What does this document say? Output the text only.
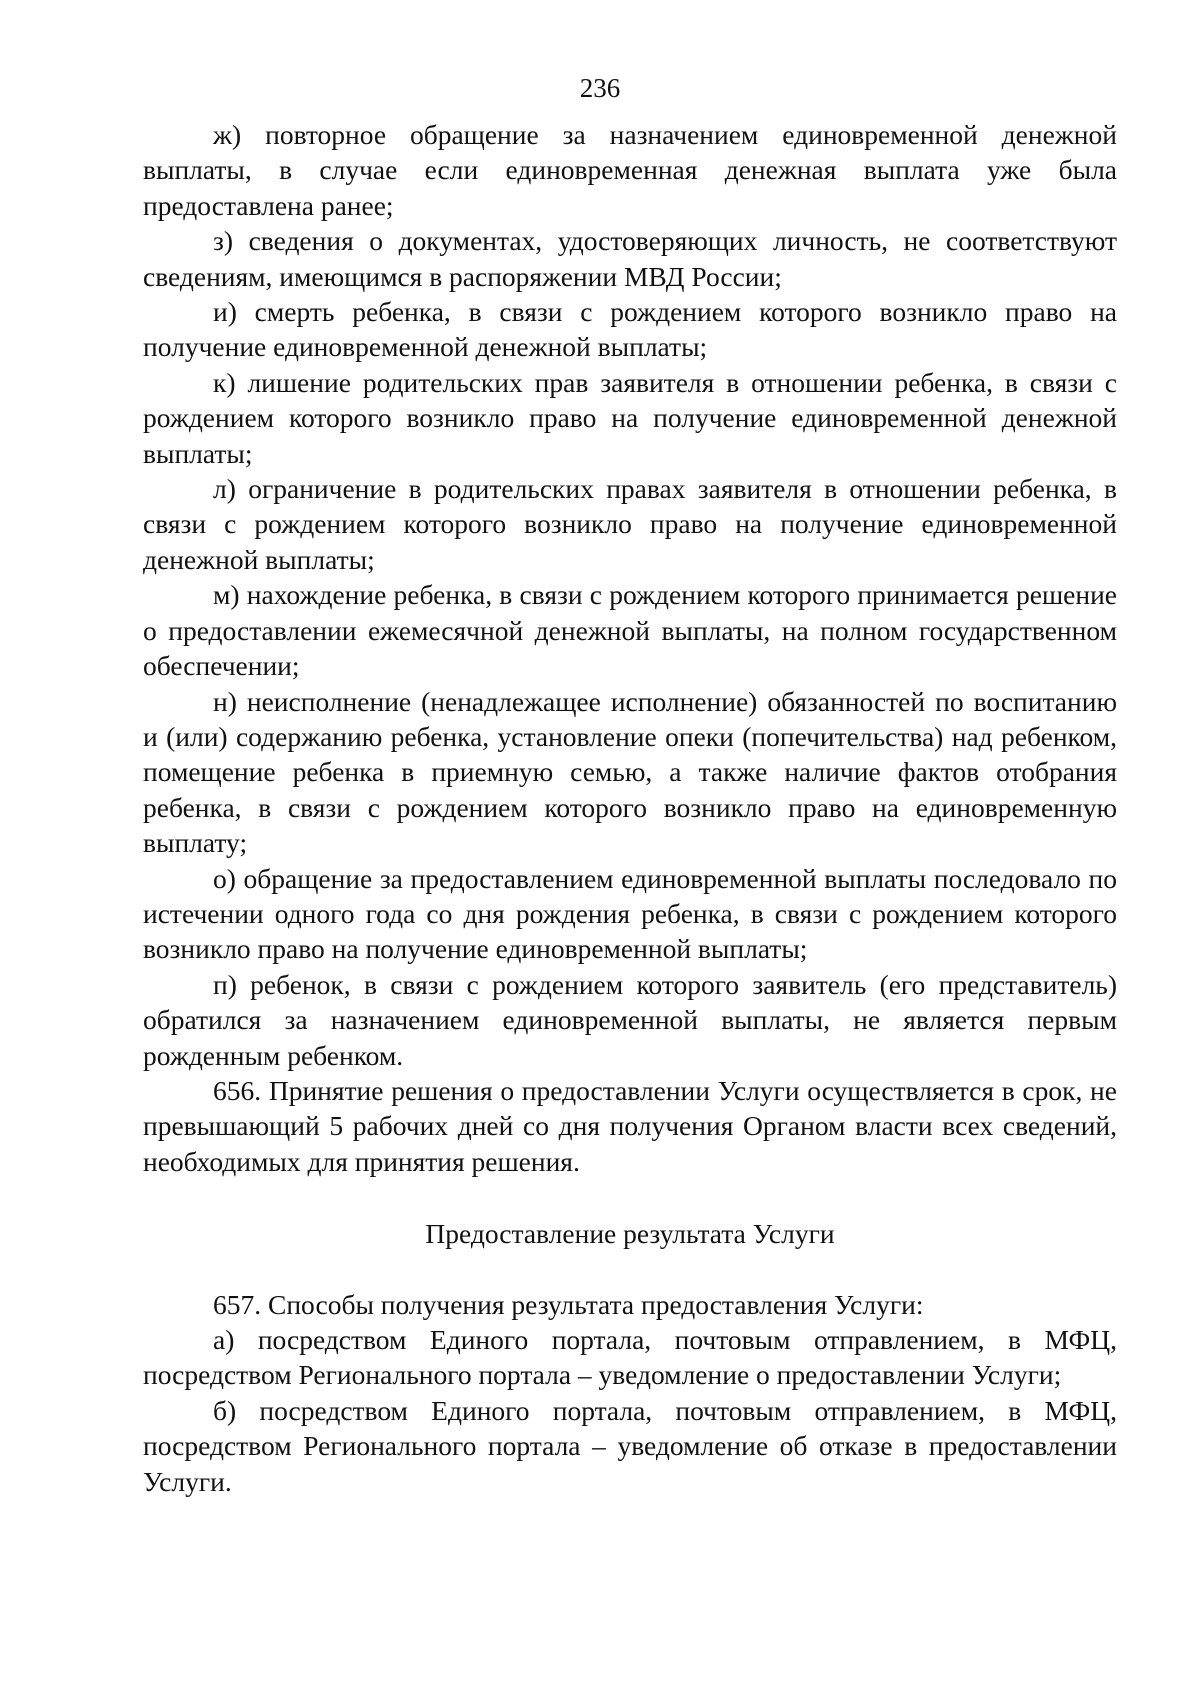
236

ж) повторное обращение за назначением единовременной денежной выплаты, в случае если единовременная денежная выплата уже была предоставлена ранее;

з) сведения о документах, удостоверяющих личность, не соответствуют сведениям, имеющимся в распоряжении МВД России;

и) смерть ребенка, в связи с рождением которого возникло право на получение единовременной денежной выплаты;

к) лишение родительских прав заявителя в отношении ребенка, в связи с рождением которого возникло право на получение единовременной денежной выплаты;

л) ограничение в родительских правах заявителя в отношении ребенка, в связи с рождением которого возникло право на получение единовременной денежной выплаты;

м) нахождение ребенка, в связи с рождением которого принимается решение о предоставлении ежемесячной денежной выплаты, на полном государственном обеспечении;

н) неисполнение (ненадлежащее исполнение) обязанностей по воспитанию и (или) содержанию ребенка, установление опеки (попечительства) над ребенком, помещение ребенка в приемную семью, а также наличие фактов отобрания ребенка, в связи с рождением которого возникло право на единовременную выплату;

о) обращение за предоставлением единовременной выплаты последовало по истечении одного года со дня рождения ребенка, в связи с рождением которого возникло право на получение единовременной выплаты;

п) ребенок, в связи с рождением которого заявитель (его представитель) обратился за назначением единовременной выплаты, не является первым рожденным ребенком.

656. Принятие решения о предоставлении Услуги осуществляется в срок, не превышающий 5 рабочих дней со дня получения Органом власти всех сведений, необходимых для принятия решения.

Предоставление результата Услуги

657. Способы получения результата предоставления Услуги:

а) посредством Единого портала, почтовым отправлением, в МФЦ, посредством Регионального портала – уведомление о предоставлении Услуги;

б) посредством Единого портала, почтовым отправлением, в МФЦ, посредством Регионального портала – уведомление об отказе в предоставлении Услуги.
